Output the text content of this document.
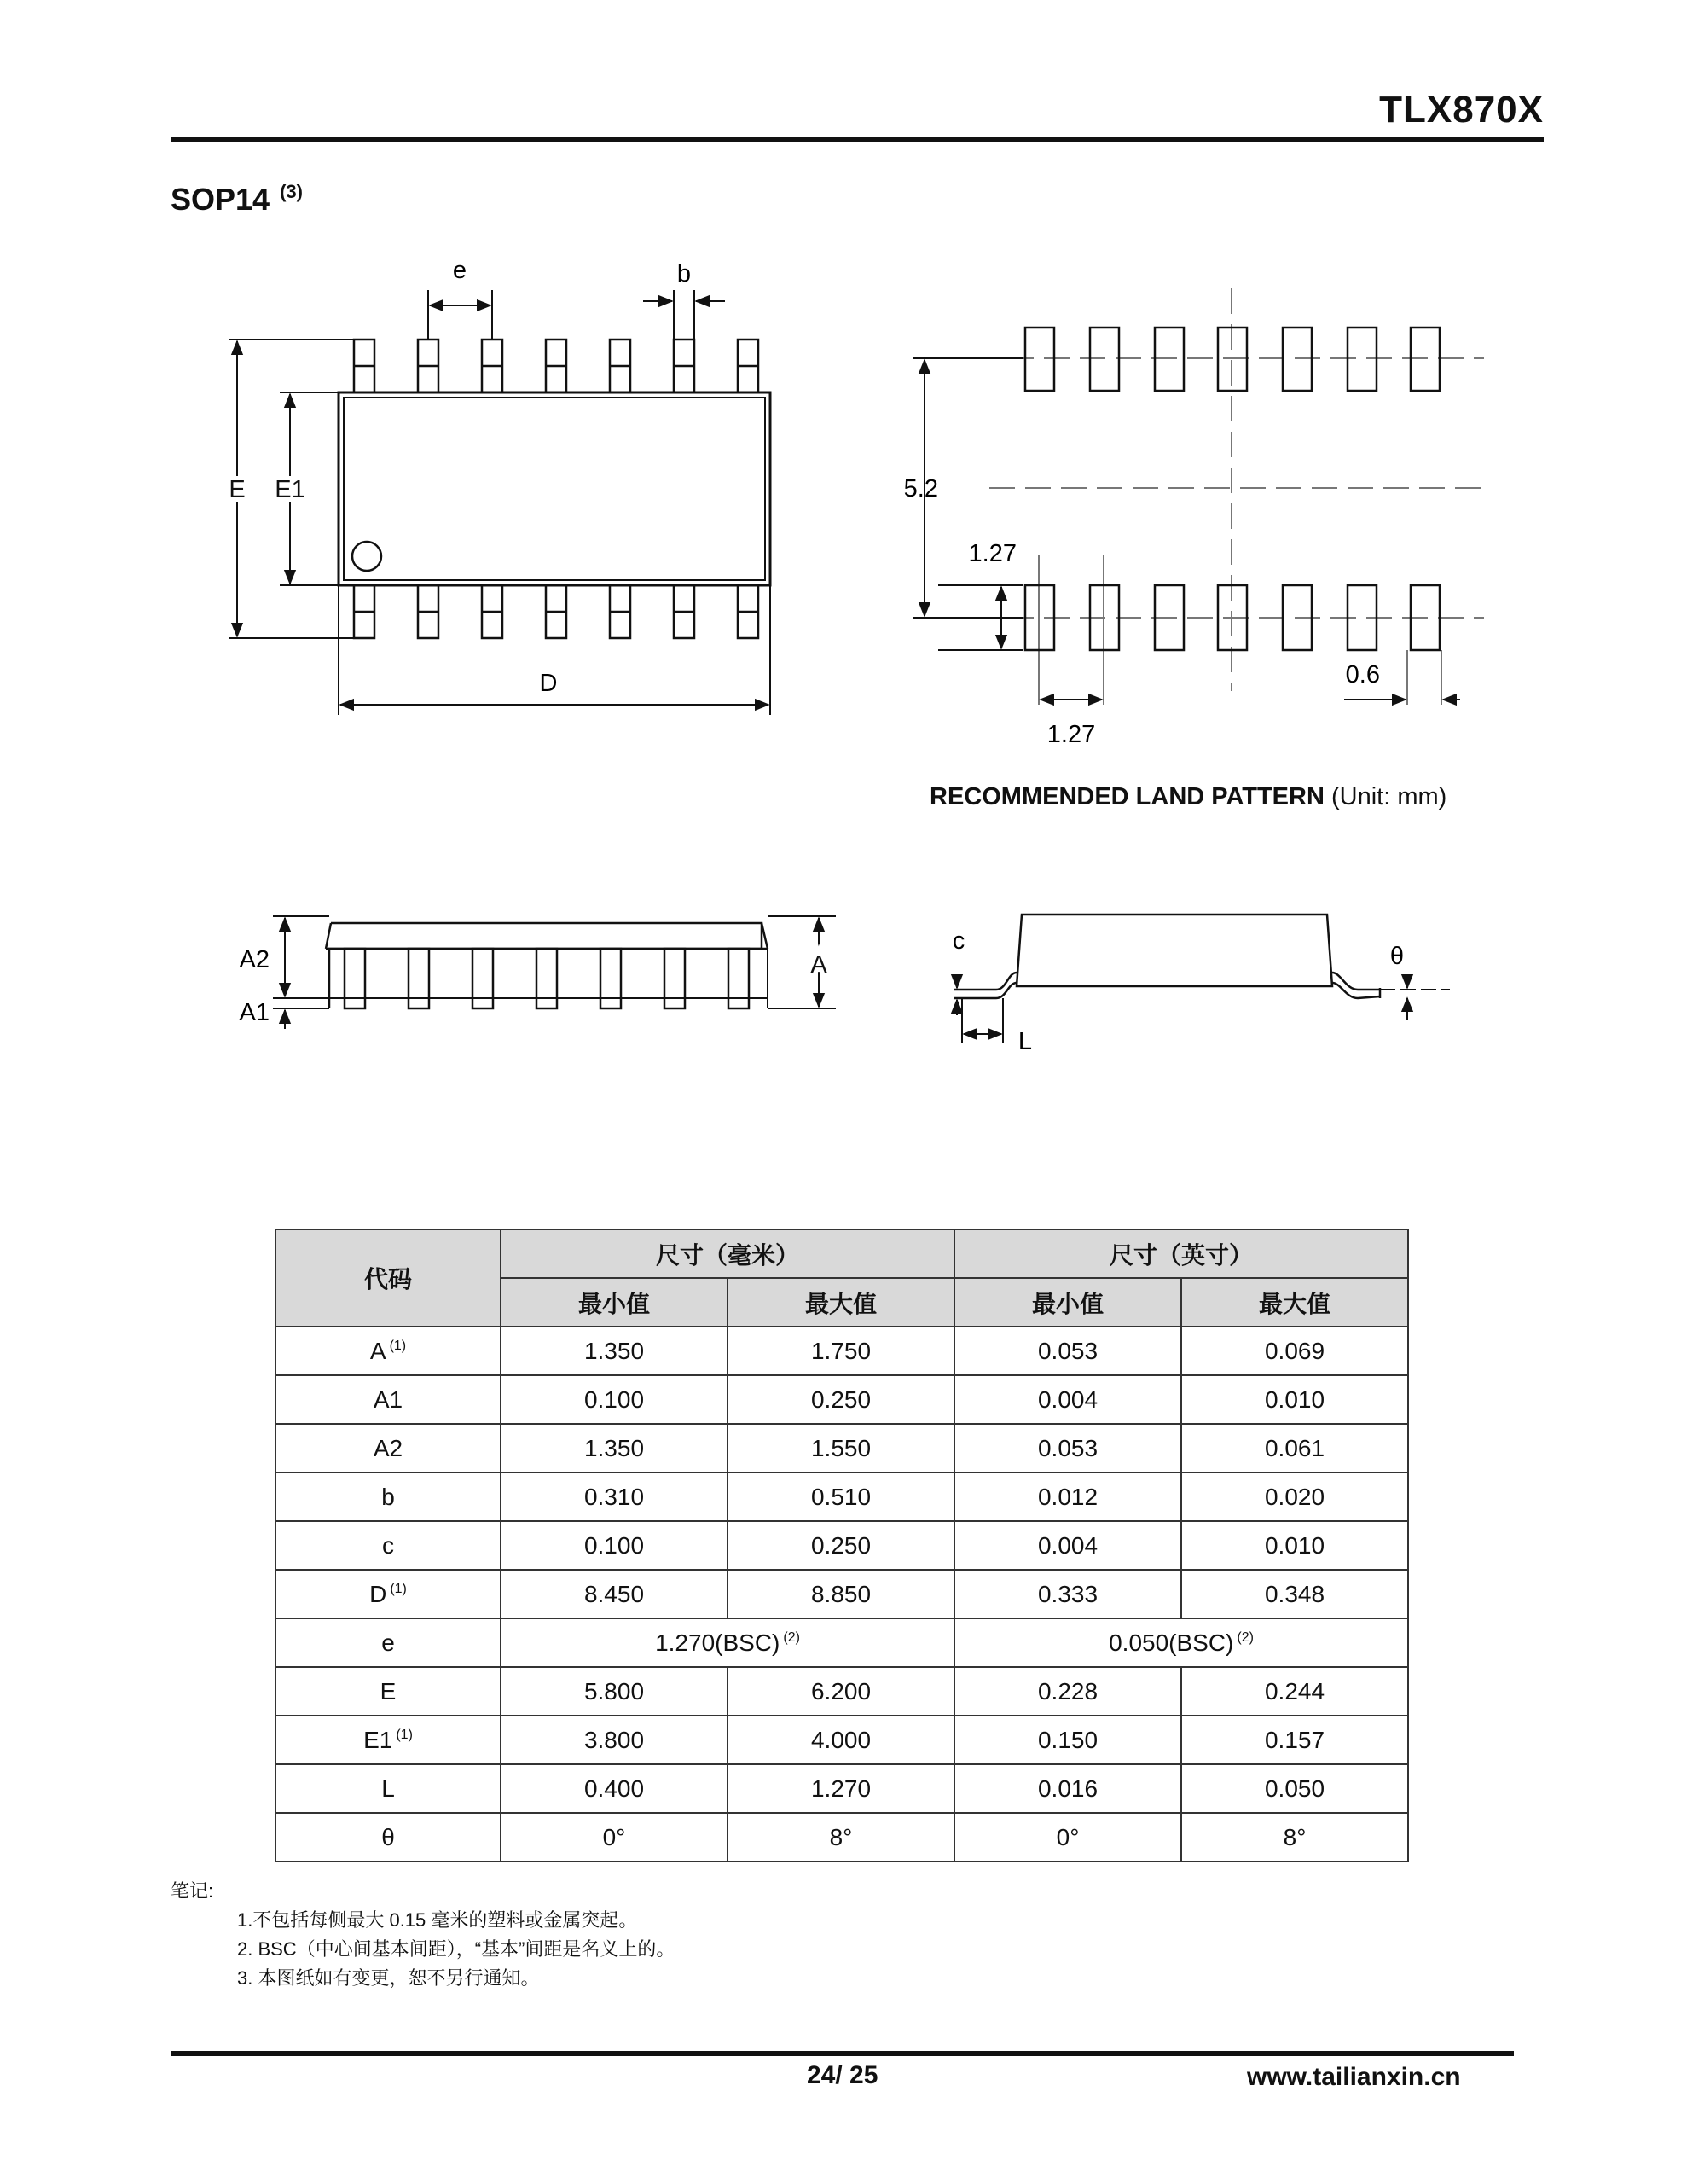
TLX870X
SOP14 $^{(3)}$
e	b
E E1
D
5.2
1.27
1.27
0.6
A2
A1
A
c
θ
L
RECOMMENDED LAND PATTERN (Unit: mm)
代码	尺寸（毫米）		尺寸（英寸）	
	最小值	最大值	最小值	最大值
A $^{(1)}$	1.350	1.750	0.053	0.069
A1	0.100	0.250	0.004	0.010
A2	1.350	1.550	0.053	0.061
b	0.310	0.510	0.012	0.020
c	0.100	0.250	0.004	0.010
D $^{(1)}$	8.450	8.850	0.333	0.348
e	1.270(BSC) $^{(2)}$		0.050(BSC) $^{(2)}$
E	5.800	6.200	0.228	0.244
E1 $^{(1)}$	3.800	4.000	0.150	0.157
L	0.400	1.270	0.016	0.050
θ	0°	8°	0°	8°
笔记:
1.不包括每侧最大 0.15 毫米的塑料或金属突起。
2. BSC（中心间基本间距），“基本”间距是名义上的。
3. 本图纸如有变更，恕不另行通知。
24/ 25	www.tailianxin.cn
